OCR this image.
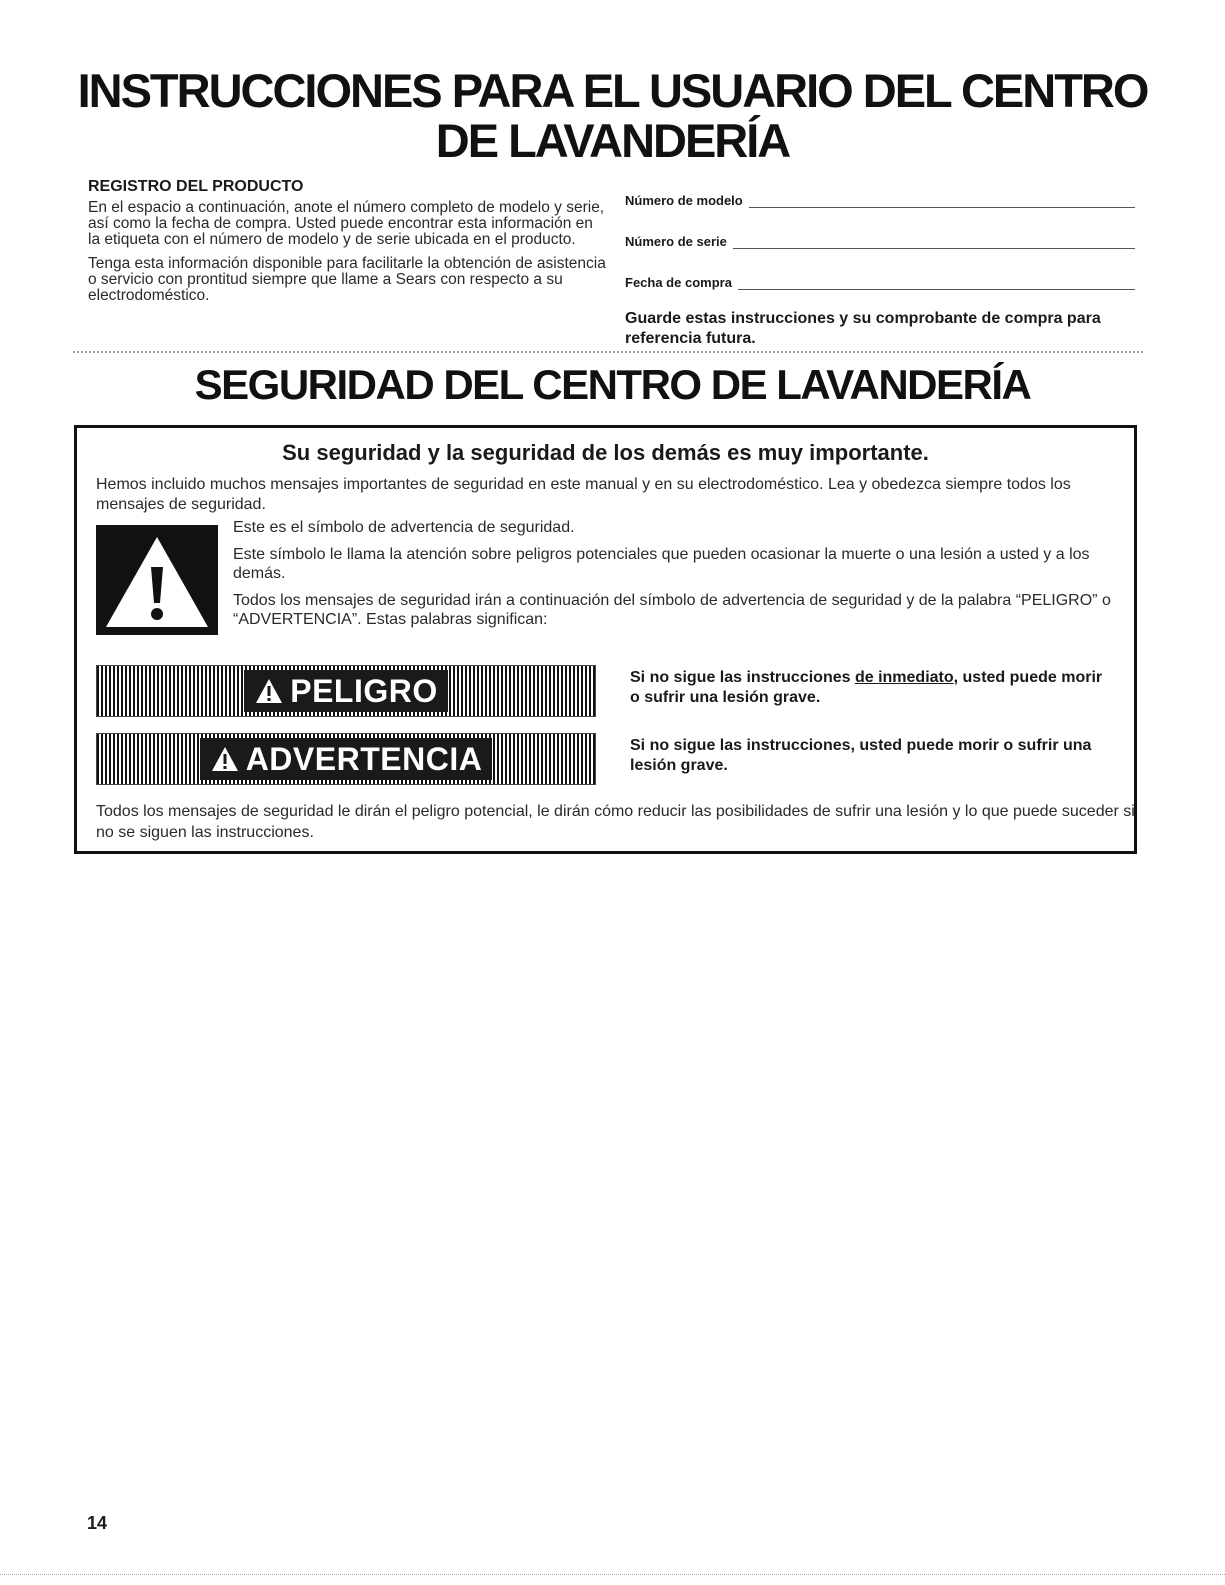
INSTRUCCIONES PARA EL USUARIO DEL CENTRO
DE LAVANDERÍA
REGISTRO DEL PRODUCTO

En el espacio a continuación, anote el número completo de modelo y serie, así como la fecha de compra. Usted puede encontrar esta información en la etiqueta con el número de modelo y de serie ubicada en el producto.

Tenga esta información disponible para facilitarle la obtención de asistencia o servicio con prontitud siempre que llame a Sears con respecto a su electrodoméstico.

Número de modelo
Número de serie
Fecha de compra
Guarde estas instrucciones y su comprobante de compra para referencia futura.
SEGURIDAD DEL CENTRO DE LAVANDERÍA
Su seguridad y la seguridad de los demás es muy importante.
Hemos incluido muchos mensajes importantes de seguridad en este manual y en su electrodoméstico. Lea y obedezca siempre todos los mensajes de seguridad.

Este es el símbolo de advertencia de seguridad.

Este símbolo le llama la atención sobre peligros potenciales que pueden ocasionar la muerte o una lesión a usted y a los demás.

Todos los mensajes de seguridad irán a continuación del símbolo de advertencia de seguridad y de la palabra “PELIGRO” o “ADVERTENCIA”. Estas palabras significan:

PELIGRO	Si no sigue las instrucciones de inmediato, usted puede morir o sufrir una lesión grave.
ADVERTENCIA	Si no sigue las instrucciones, usted puede morir o sufrir una lesión grave.
Todos los mensajes de seguridad le dirán el peligro potencial, le dirán cómo reducir las posibilidades de sufrir una lesión y lo que puede suceder si no se siguen las instrucciones.
14
